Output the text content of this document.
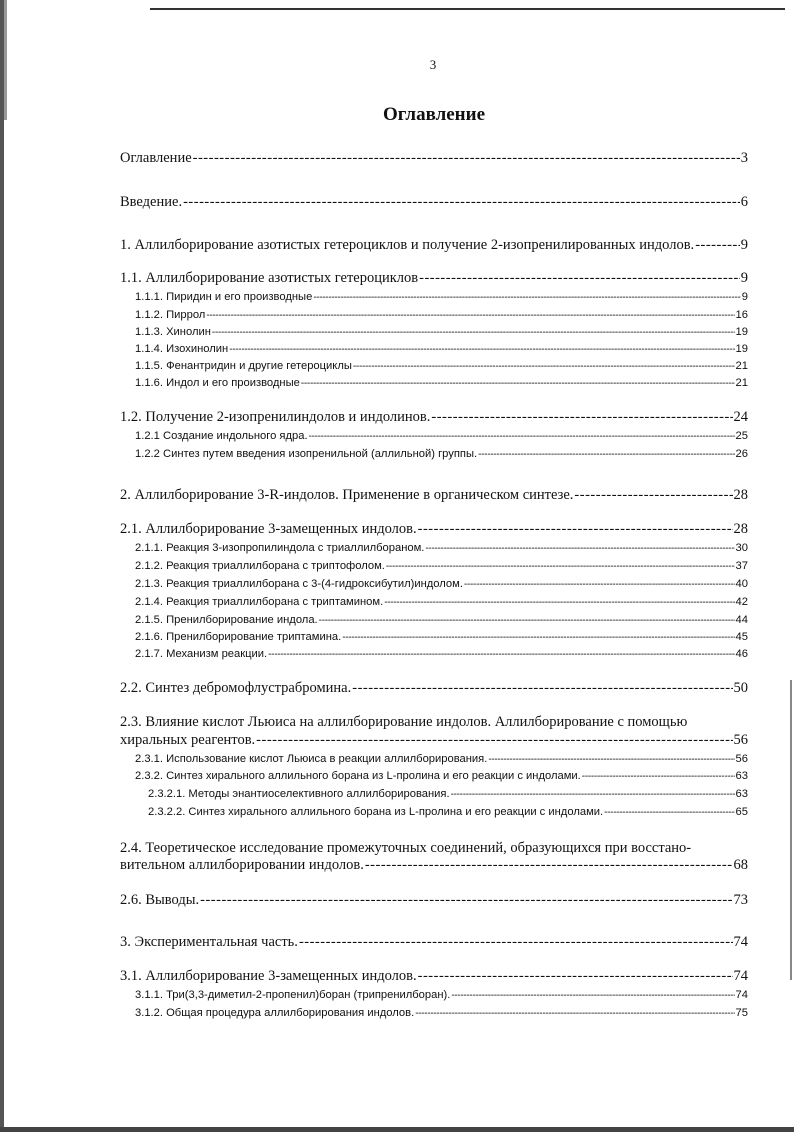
3
Оглавление
Оглавление -----	3
Введение. -----	6
1. Аллилборирование азотистых гетероциклов и получение 2-изопренилированных индолов. -----	9
1.1. Аллилборирование азотистых гетероциклов -----	9
1.1.1. Пиридин и его производные -----	9
1.1.2. Пиррол -----	16
1.1.3. Хинолин -----	19
1.1.4. Изохинолин -----	19
1.1.5. Фенантридин и другие гетероциклы -----	21
1.1.6. Индол и его производные -----	21
1.2. Получение 2-изопренилиндолов и индолинов. -----	24
1.2.1 Создание индольного ядра. -----	25
1.2.2 Синтез путем введения изопренильной (аллильной) группы. -----	26
2. Аллилборирование 3-R-индолов. Применение в органическом синтезе. -----	28
2.1. Аллилборирование 3-замещенных индолов. -----	28
2.1.1. Реакция 3-изопропилиндола с триаллилбораном. -----	30
2.1.2. Реакция триаллилборана с триптофолом. -----	37
2.1.3. Реакция триаллилборана с 3-(4-гидроксибутил)индолом. -----	40
2.1.4. Реакция триаллилборана с триптамином. -----	42
2.1.5. Пренилборирование индола. -----	44
2.1.6. Пренилборирование триптамина. -----	45
2.1.7. Механизм реакции. -----	46
2.2. Синтез дебромофлустрабромина. -----	50
2.3. Влияние кислот Льюиса на аллилборирование индолов. Аллилборирование с помощью
хиральных реагентов. -----	56
2.3.1. Использование кислот Льюиса в реакции аллилборирования. -----	56
2.3.2. Синтез хирального аллильного борана из L-пролина и его реакции с индолами. -----	63
2.3.2.1. Методы энантиоселективного аллилборирования. -----	63
2.3.2.2. Синтез хирального аллильного борана из L-пролина и его реакции с индолами. -----	65
2.4. Теоретическое исследование промежуточных соединений, образующихся при восстано-
вительном аллилборировании индолов. -----	68
2.6. Выводы. -----	73
3. Экспериментальная часть. -----	74
3.1. Аллилборирование 3-замещенных индолов. -----	74
3.1.1. Три(3,3-диметил-2-пропенил)боран (трипренилборан). -----	74
3.1.2. Общая процедура аллилборирования индолов. -----	75
